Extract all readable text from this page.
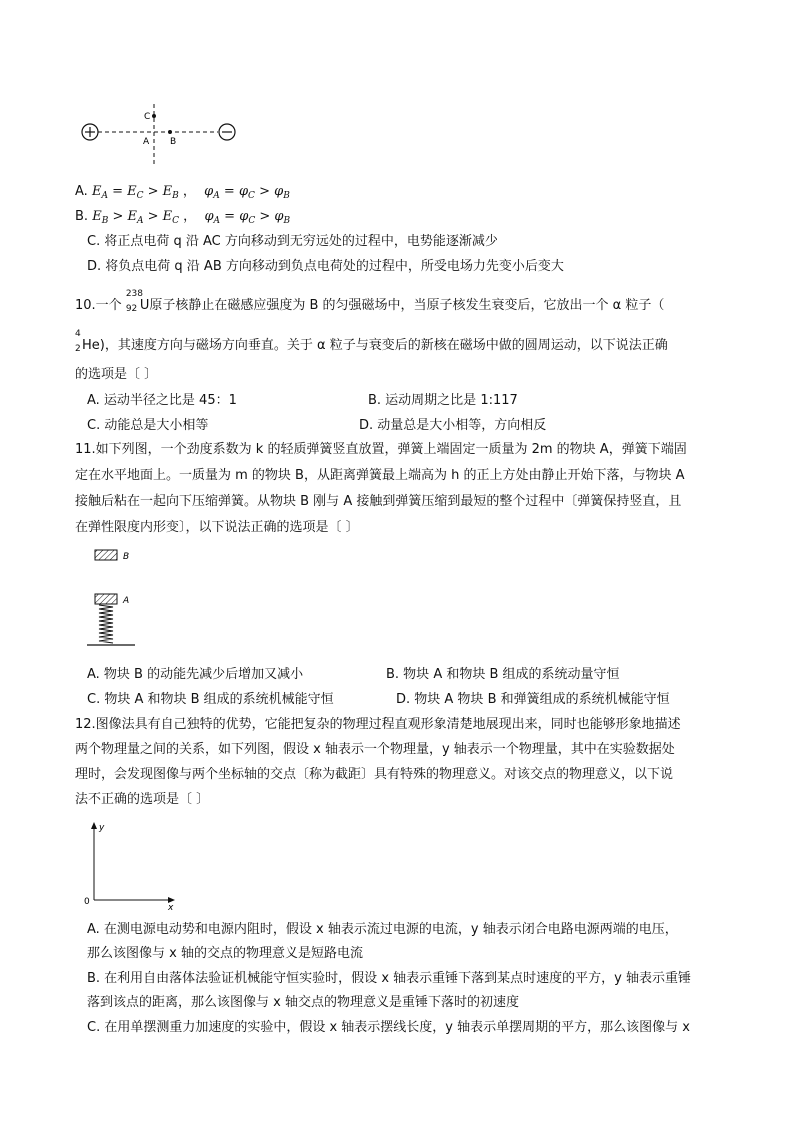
C
A B
A. $E_A = E_C > E_B$ ，  $\varphi_A = \varphi_C > \varphi_B$
B. $E_B > E_A > E_C$ ，  $\varphi_A = \varphi_C > \varphi_B$
C. 将正点电荷 q 沿 AC 方向移动到无穷远处的过程中，电势能逐渐减少
D. 将负点电荷 q 沿 AB 方向移动到负点电荷处的过程中，所受电场力先变小后变大
10.一个
238
92 U原子核静止在磁感应强度为 B 的匀强磁场中，当原子核发生衰变后，它放出一个 α 粒子（
4
2 He)，其速度方向与磁场方向垂直。关于 α 粒子与衰变后的新核在磁场中做的圆周运动，以下说法正确
的选项是〔 〕
A. 运动半径之比是 45：1	B. 运动周期之比是 1:117
C. 动能总是大小相等	D. 动量总是大小相等，方向相反
11.如下列图，一个劲度系数为 k 的轻质弹簧竖直放置，弹簧上端固定一质量为 2m 的物块 A，弹簧下端固
定在水平地面上。一质量为 m 的物块 B，从距离弹簧最上端高为 h 的正上方处由静止开始下落，与物块 A
接触后粘在一起向下压缩弹簧。从物块 B 刚与 A 接触到弹簧压缩到最短的整个过程中〔弹簧保持竖直，且
在弹性限度内形变〕，以下说法正确的选项是〔 〕
B
A
A. 物块 B 的动能先减少后增加又减小	B. 物块 A 和物块 B 组成的系统动量守恒
C. 物块 A 和物块 B 组成的系统机械能守恒	D. 物块 A 物块 B 和弹簧组成的系统机械能守恒
12.图像法具有自己独特的优势，它能把复杂的物理过程直观形象清楚地展现出来，同时也能够形象地描述
两个物理量之间的关系，如下列图，假设 x 轴表示一个物理量，y 轴表示一个物理量，其中在实验数据处
理时，会发现图像与两个坐标轴的交点〔称为截距〕具有特殊的物理意义。对该交点的物理意义，以下说
法不正确的选项是〔 〕
y
x
0
A. 在测电源电动势和电源内阻时，假设 x 轴表示流过电源的电流，y 轴表示闭合电路电源两端的电压，
那么该图像与 x 轴的交点的物理意义是短路电流
B. 在利用自由落体法验证机械能守恒实验时，假设 x 轴表示重锤下落到某点时速度的平方，y 轴表示重锤
落到该点的距离，那么该图像与 x 轴交点的物理意义是重锤下落时的初速度
C. 在用单摆测重力加速度的实验中，假设 x 轴表示摆线长度，y 轴表示单摆周期的平方，那么该图像与 x
